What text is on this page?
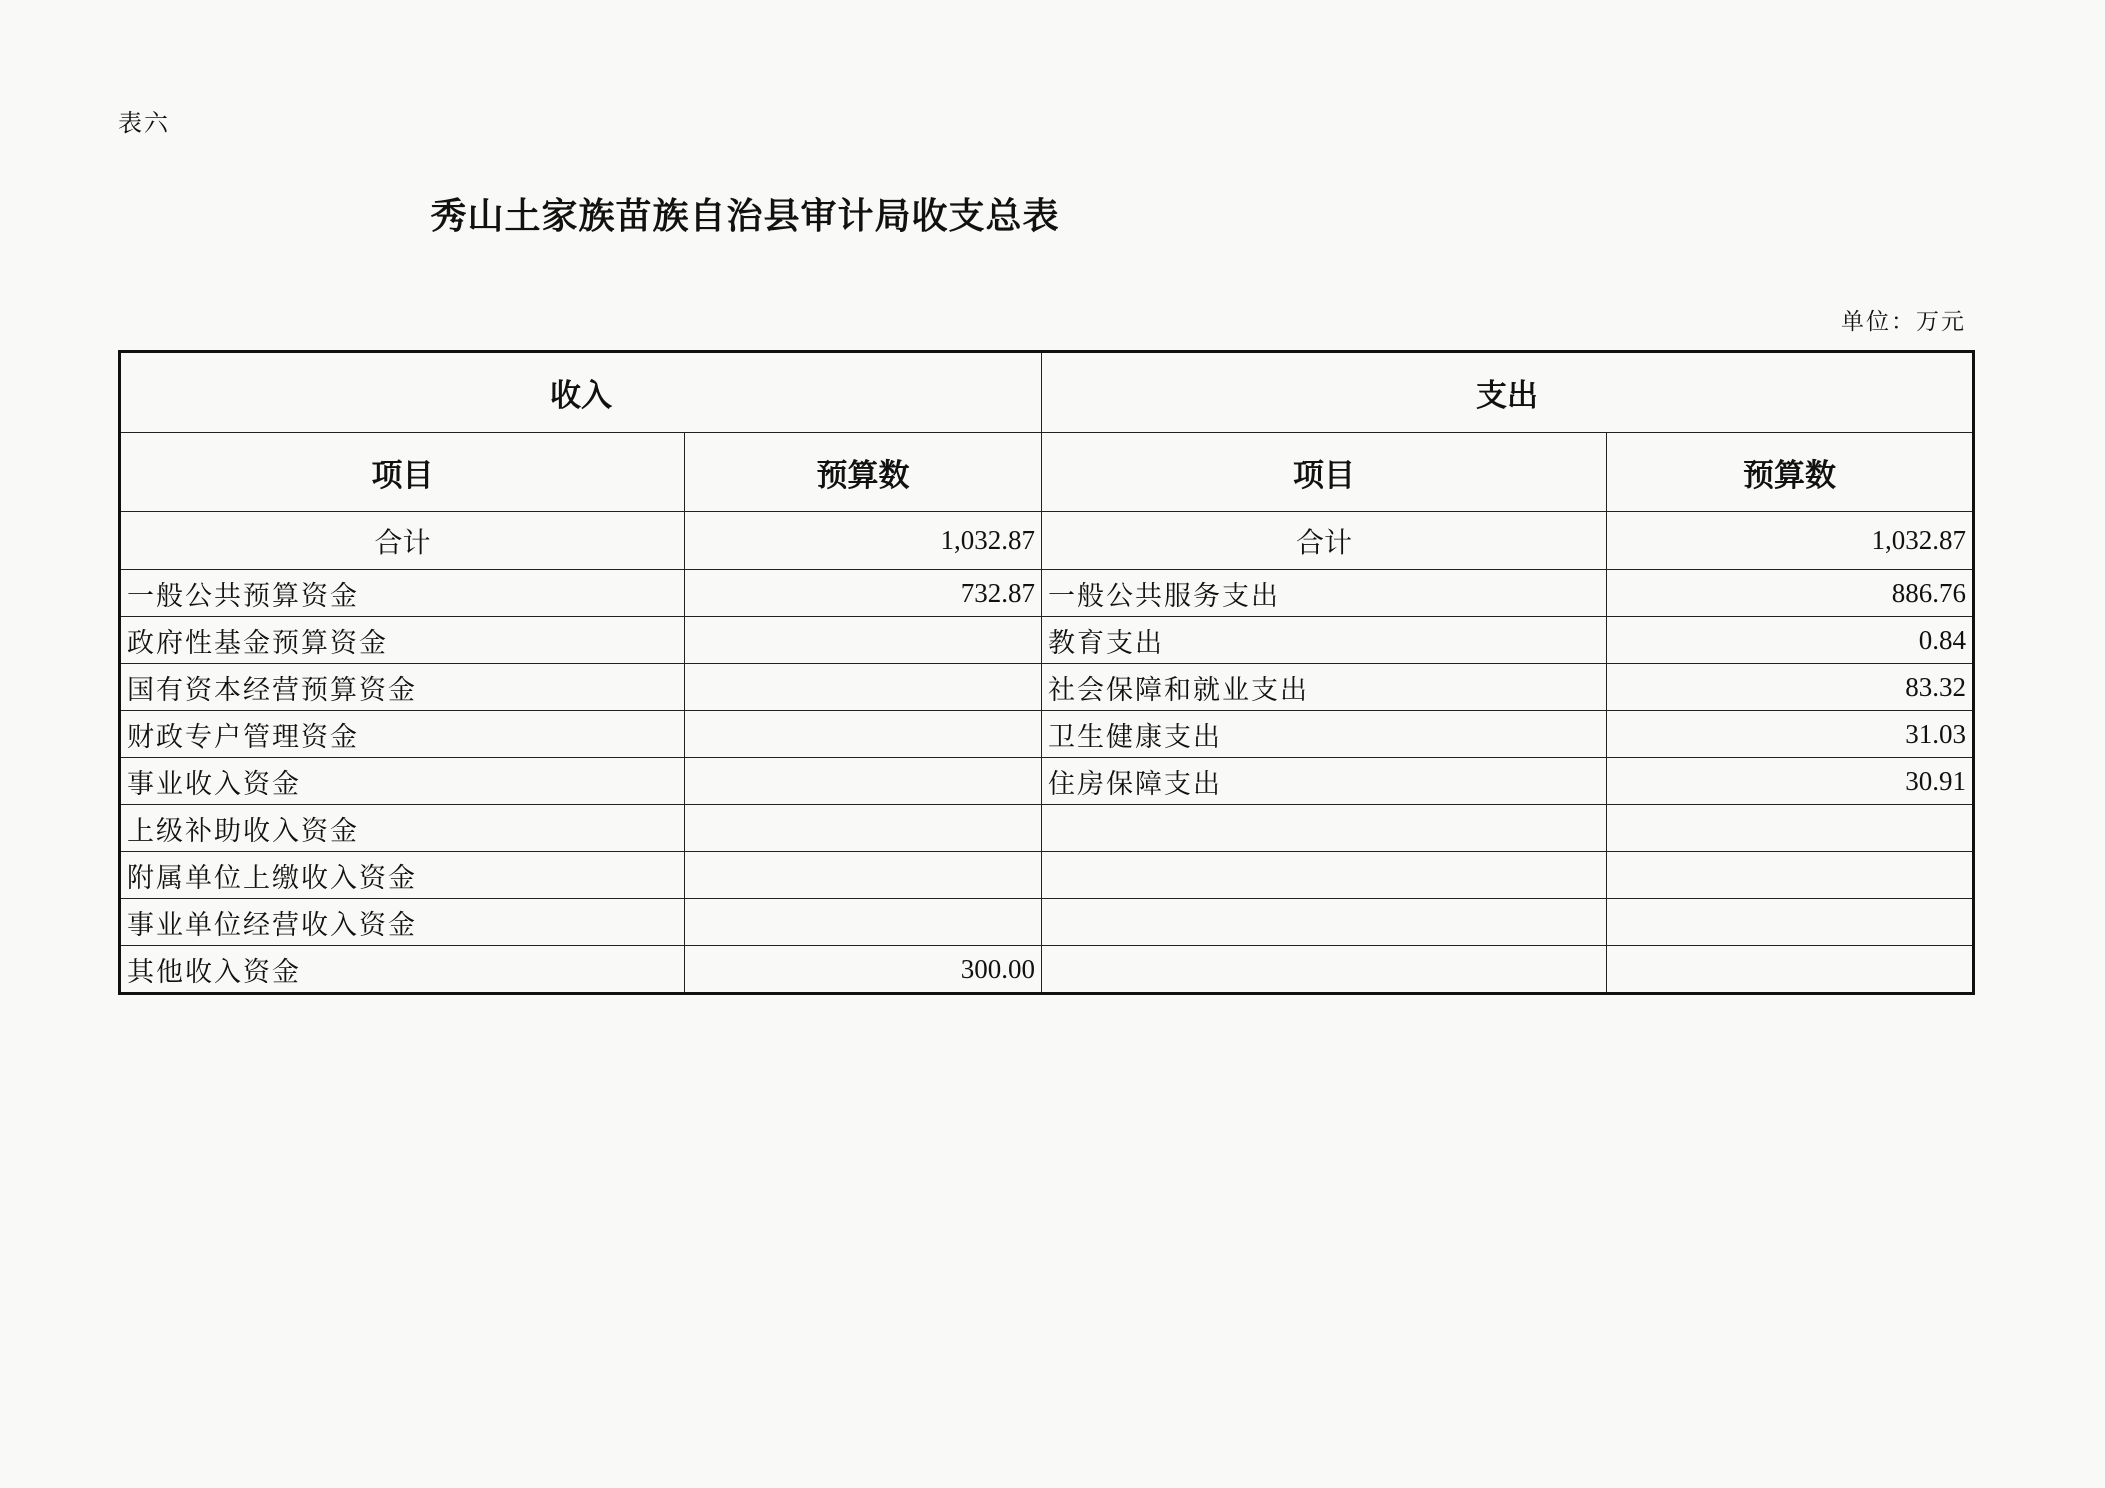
表六
秀山土家族苗族自治县审计局收支总表
单位：万元
收入		支出	
项目	预算数	项目	预算数
合计	1,032.87	合计	1,032.87
一般公共预算资金	732.87	一般公共服务支出	886.76
政府性基金预算资金		教育支出	0.84
国有资本经营预算资金		社会保障和就业支出	83.32
财政专户管理资金		卫生健康支出	31.03
事业收入资金		住房保障支出	30.91
上级补助收入资金			
附属单位上缴收入资金			
事业单位经营收入资金			
其他收入资金	300.00		
